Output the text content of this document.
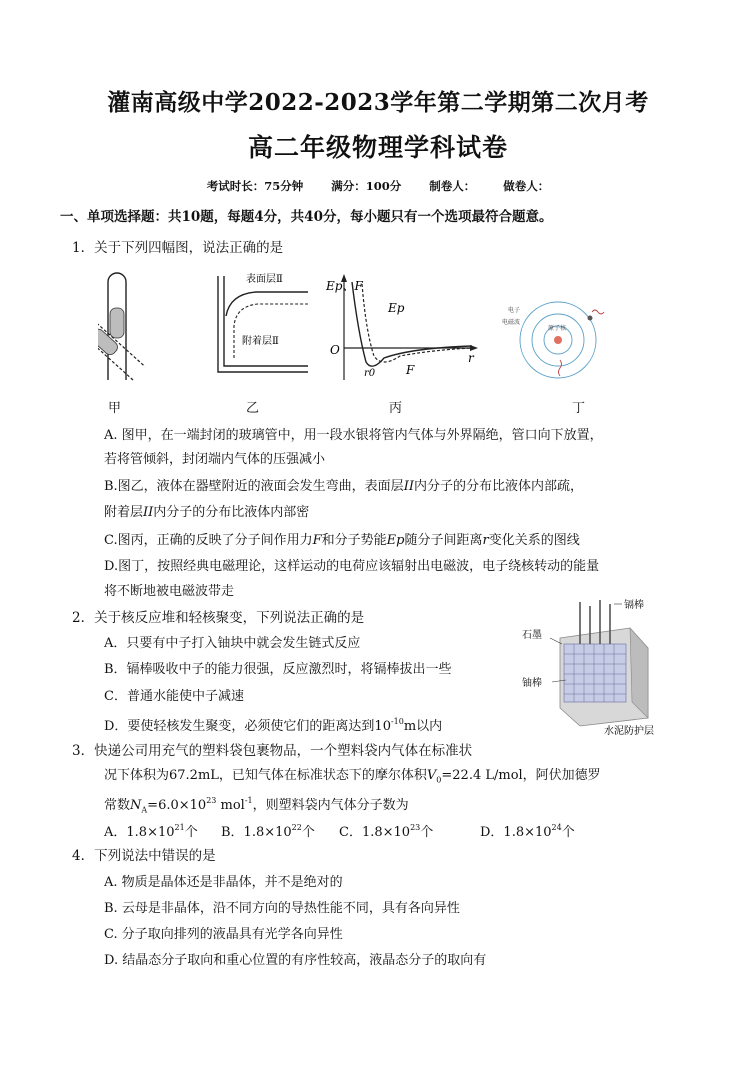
灌南高级中学2022-2023学年第二学期第二次月考
高二年级物理学科试卷
考试时长：75分钟 满分：100分 制卷人： 做卷人：
一、单项选择题：共10题，每题4分，共40分，每小题只有一个选项最符合题意。
1．关于下列四幅图，说法正确的是
表面层Ⅱ
附着层Ⅱ
Ep、F
Ep
O
r0	F
r
电子
电磁波
原子核
甲	乙	丙	丁
A. 图甲，在一端封闭的玻璃管中，用一段水银将管内气体与外界隔绝，管口向下放置，
若将管倾斜，封闭端内气体的压强减小
B.图乙，液体在器壁附近的液面会发生弯曲，表面层II内分子的分布比液体内部疏，
附着层II内分子的分布比液体内部密
C.图丙，正确的反映了分子间作用力F和分子势能Ep随分子间距离r变化关系的图线
D.图丁，按照经典电磁理论，这样运动的电荷应该辐射出电磁波，电子绕核转动的能量
将不断地被电磁波带走
2．关于核反应堆和轻核聚变，下列说法正确的是
A．只要有中子打入铀块中就会发生链式反应
B．镉棒吸收中子的能力很强，反应激烈时，将镉棒拔出一些
C．普通水能使中子减速
D．要使轻核发生聚变，必须使它们的距离达到$10^{-10}m$以内
镉棒
石墨
铀棒
水泥防护层
3．快递公司用充气的塑料袋包裹物品，一个塑料袋内气体在标准状
况下体积为67.2mL，已知气体在标准状态下的摩尔体积$V_0=22.4$ L/mol，阿伏加德罗
常数$N_A=6.0\times 10^{23}$ mol$^{-1}$，则塑料袋内气体分子数为
A．$1.8\times 10^{21}$个 B．$1.8\times 10^{22}$个 C．$1.8\times 10^{23}$个	D．$1.8\times 10^{24}$个
4．下列说法中错误的是
A. 物质是晶体还是非晶体，并不是绝对的
B. 云母是非晶体，沿不同方向的导热性能不同，具有各向异性
C. 分子取向排列的液晶具有光学各向异性
D. 结晶态分子取向和重心位置的有序性较高，液晶态分子的取向有
